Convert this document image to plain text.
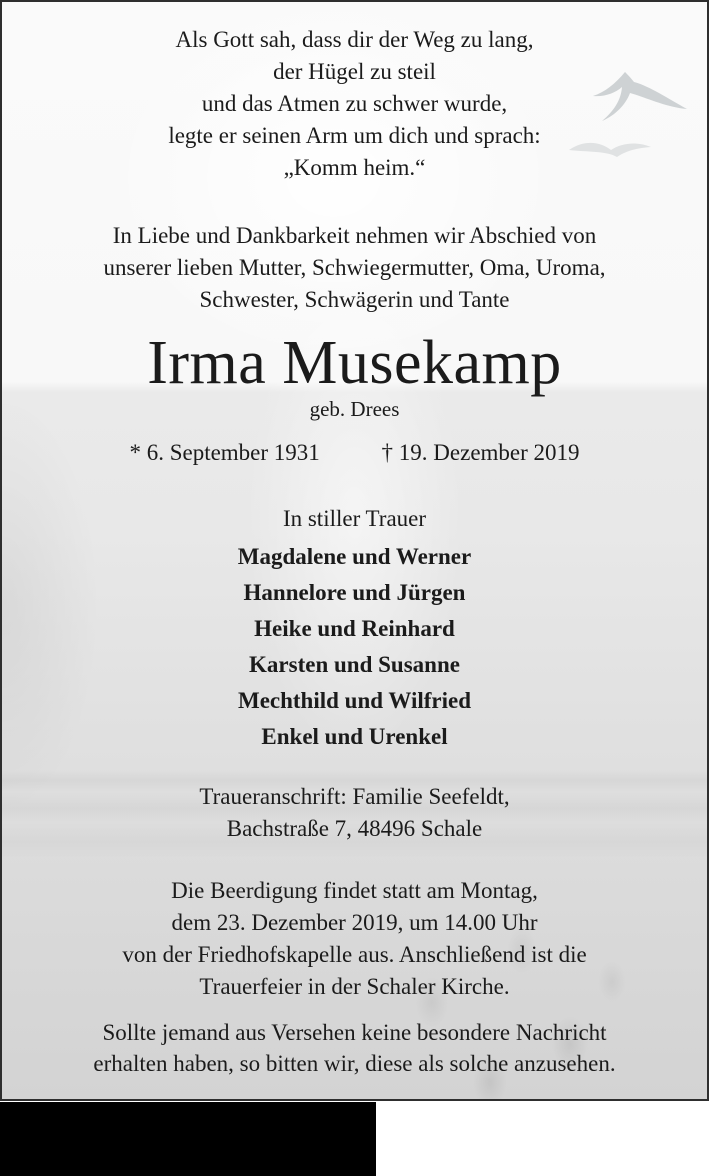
Als Gott sah, dass dir der Weg zu lang,
der Hügel zu steil
und das Atmen zu schwer wurde,
legte er seinen Arm um dich und sprach:
„Komm heim.“
In Liebe und Dankbarkeit nehmen wir Abschied von
unserer lieben Mutter, Schwiegermutter, Oma, Uroma,
Schwester, Schwägerin und Tante
Irma Musekamp
geb. Drees
* 6. September 1931	† 19. Dezember 2019
In stiller Trauer
Magdalene und Werner
Hannelore und Jürgen
Heike und Reinhard
Karsten und Susanne
Mechthild und Wilfried
Enkel und Urenkel
Traueranschrift: Familie Seefeldt,
Bachstraße 7, 48496 Schale
Die Beerdigung findet statt am Montag,
dem 23. Dezember 2019, um 14.00 Uhr
von der Friedhofskapelle aus. Anschließend ist die
Trauerfeier in der Schaler Kirche.
Sollte jemand aus Versehen keine besondere Nachricht
erhalten haben, so bitten wir, diese als solche anzusehen.
